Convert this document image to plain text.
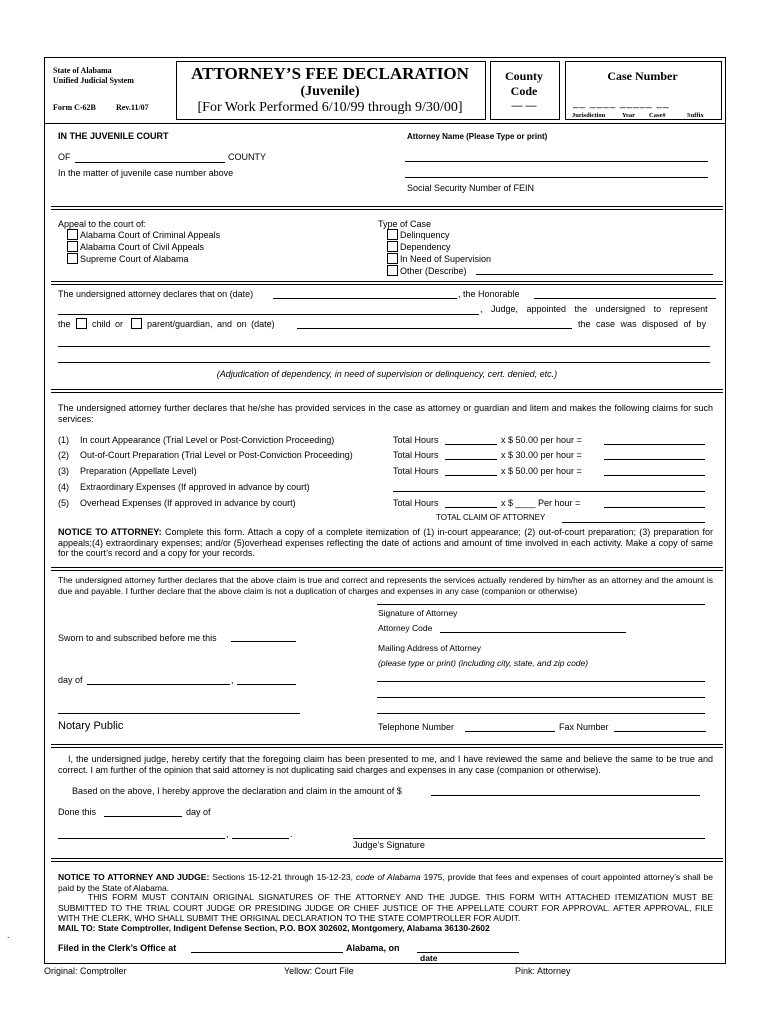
State of Alabama
Unified Judicial System
Form C-62B	Rev.11/07
ATTORNEY’S FEE DECLARATION
(Juvenile)
[For Work Performed 6/10/99 through 9/30/00]
County
Code
— —
Case Number
__ ____ _____ __
Jurisdiction	Year Case#	Suffix
IN THE JUVENILE COURT	Attorney Name (Please Type or print)
OF	COUNTY
In the matter of juvenile case number above
Social Security Number of FEIN
Appeal to the court of:
Alabama Court of Criminal Appeals
Alabama Court of Civil Appeals
Supreme Court of Alabama
Type of Case
Delinquency
Dependency
In Need of Supervision
Other (Describe)
The undersigned attorney declares that on (date)	, the Honorable
, Judge, appointed the undersigned to represent
the child or	parent/guardian, and on (date)	the case was disposed of by
(Adjudication of dependency, in need of supervision or delinquency, cert. denied, etc.)
The undersigned attorney further declares that he/she has provided services in the case as attorney or guardian and litem and makes the following claims for such services:
(1) In court Appearance (Trial Level or Post-Conviction Proceeding)	Total Hours	x $ 50.00 per hour =
(2) Out-of-Court Preparation (Trial Level or Post-Conviction Proceeding)	Total Hours	x $ 30.00 per hour =
(3) Preparation (Appellate Level)	Total Hours	x $ 50.00 per hour =
(4) Extraordinary Expenses (If approved in advance by court)
(5) Overhead Expenses (If approved in advance by court)	Total Hours	x $ ____ Per hour =
TOTAL CLAIM OF ATTORNEY
NOTICE TO ATTORNEY: Complete this form. Attach a copy of a complete itemization of (1) in-court appearance; (2) out-of-court preparation; (3) preparation for appeals;(4) extraordinary expenses; and/or (5)overhead expenses reflecting the date of actions and amount of time involved in each activity. Make a copy of same for the court’s record and a copy for your records.
The undersigned attorney further declares that the above claim is true and correct and represents the services actually rendered by him/her as an attorney and the amount is due and payable. I further declare that the above claim is not a duplication of charges and expenses in any case (companion or otherwise)
Signature of Attorney
Attorney Code
Sworn to and subscribed before me this
Mailing Address of Attorney
(please type or print) (including city, state, and zip code)
day of	,
Notary Public	Telephone Number	Fax Number
I, the undersigned judge, hereby certify that the foregoing claim has been presented to me, and I have reviewed the same and believe the same to be true and correct. I am further of the opinion that said attorney is not duplicating said charges and expenses in any case (companion or otherwise).
Based on the above, I hereby approve the declaration and claim in the amount of $
Done this	day of
,	.
Judge’s Signature
NOTICE TO ATTORNEY AND JUDGE: Sections 15-12-21 through 15-12-23, code of Alabama 1975, provide that fees and expenses of court appointed attorney’s shall be paid by the State of Alabama.
THIS FORM MUST CONTAIN ORIGINAL SIGNATURES OF THE ATTORNEY AND THE JUDGE. THIS FORM WITH ATTACHED ITEMIZATION MUST BE SUBMITTED TO THE TRIAL COURT JUDGE OR PRESIDING JUDGE OR CHIEF JUSTICE OF THE APPELLATE COURT FOR APPROVAL. AFTER APPROVAL, FILE WITH THE CLERK, WHO SHALL SUBMIT THE ORIGINAL DECLARATION TO THE STATE COMPTROLLER FOR AUDIT.
MAIL TO: State Comptroller, Indigent Defense Section, P.O. BOX 302602, Montgomery, Alabama 36130-2602
Filed in the Clerk’s Office at	Alabama, on
date
Original: Comptroller	Yellow: Court File	Pink: Attorney
.
